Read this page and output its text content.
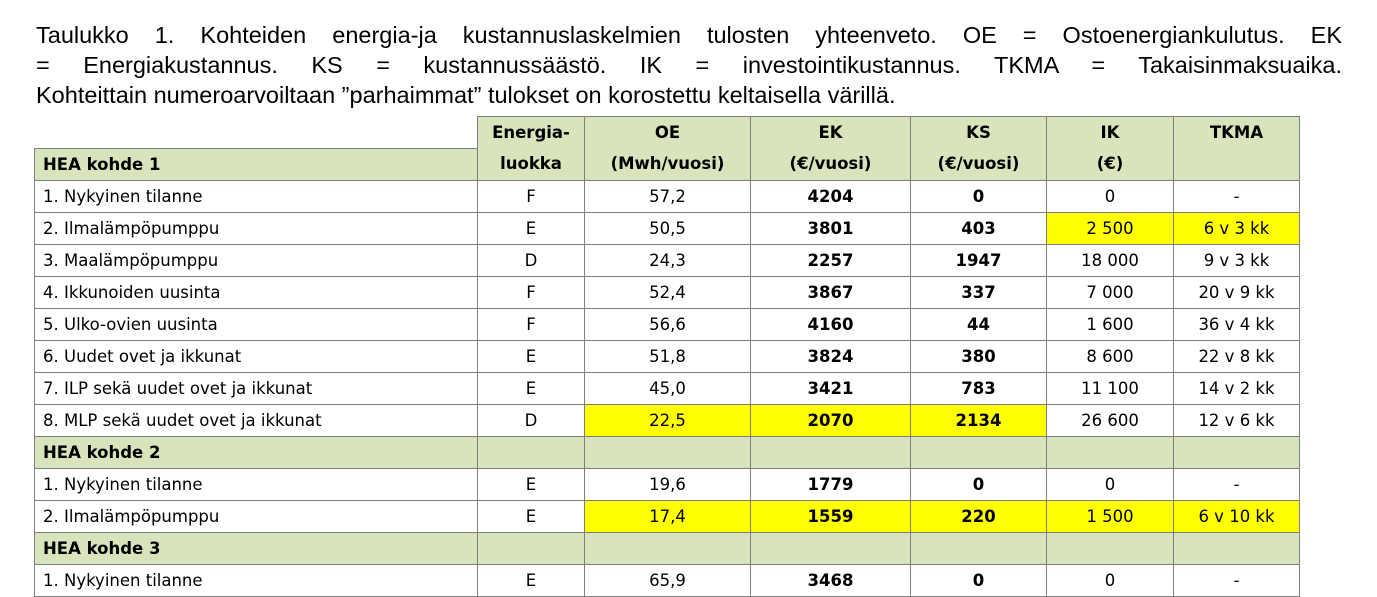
Taulukko 1. Kohteiden energia-ja kustannuslaskelmien tulosten yhteenveto. OE = Ostoenergiankulutus. EK
= Energiakustannus. KS = kustannussäästö. IK = investointikustannus. TKMA = Takaisinmaksuaika.
Kohteittain numeroarvoiltaan ”parhaimmat” tulokset on korostettu keltaisella värillä.
	Energia-	OE	EK	KS	IK	TKMA
HEA kohde 1	luokka	(Mwh/vuosi)	(€/vuosi)	(€/vuosi)	(€)	
1. Nykyinen tilanne	F	57,2	4204	0	0	-
2. Ilmalämpöpumppu	E	50,5	3801	403	2 500	6 v 3 kk
3. Maalämpöpumppu	D	24,3	2257	1947	18 000	9 v 3 kk
4. Ikkunoiden uusinta	F	52,4	3867	337	7 000	20 v 9 kk
5. Ulko-ovien uusinta	F	56,6	4160	44	1 600	36 v 4 kk
6. Uudet ovet ja ikkunat	E	51,8	3824	380	8 600	22 v 8 kk
7. ILP sekä uudet ovet ja ikkunat	E	45,0	3421	783	11 100	14 v 2 kk
8. MLP sekä uudet ovet ja ikkunat	D	22,5	2070	2134	26 600	12 v 6 kk
HEA kohde 2						
1. Nykyinen tilanne	E	19,6	1779	0	0	-
2. Ilmalämpöpumppu	E	17,4	1559	220	1 500	6 v 10 kk
HEA kohde 3						
1. Nykyinen tilanne	E	65,9	3468	0	0	-
